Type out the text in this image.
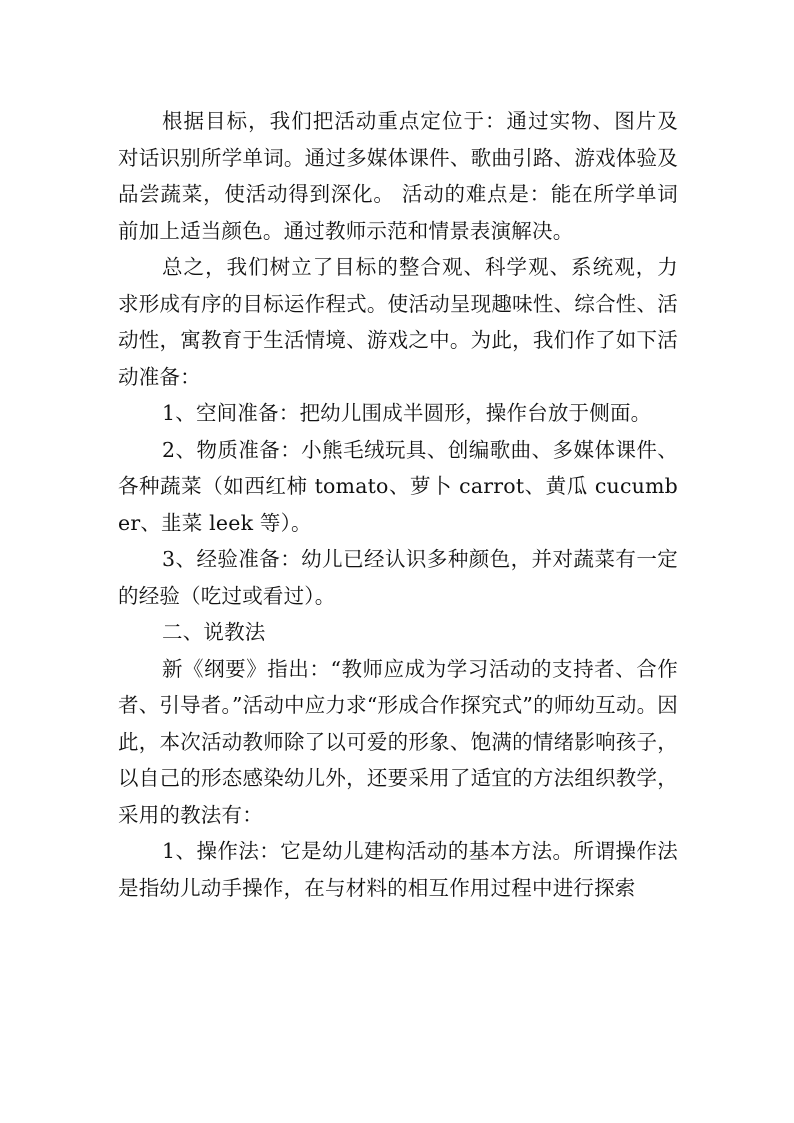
根据目标，我们把活动重点定位于：通过实物、图片及对话识别所学单词。通过多媒体课件、歌曲引路、游戏体验及品尝蔬菜，使活动得到深化。 活动的难点是：能在所学单词前加上适当颜色。通过教师示范和情景表演解决。

总之，我们树立了目标的整合观、科学观、系统观，力求形成有序的目标运作程式。使活动呈现趣味性、综合性、活动性，寓教育于生活情境、游戏之中。为此，我们作了如下活动准备：

1、空间准备：把幼儿围成半圆形，操作台放于侧面。

2、物质准备：小熊毛绒玩具、创编歌曲、多媒体课件、各种蔬菜（如西红柿 tomato、萝卜 carrot、黄瓜 cucumber、韭菜 leek 等）。

3、经验准备：幼儿已经认识多种颜色，并对蔬菜有一定的经验（吃过或看过）。

二、说教法

新《纲要》指出：“教师应成为学习活动的支持者、合作者、引导者。”活动中应力求“形成合作探究式”的师幼互动。因此，本次活动教师除了以可爱的形象、饱满的情绪影响孩子，以自己的形态感染幼儿外，还要采用了适宜的方法组织教学，采用的教法有：

1、操作法：它是幼儿建构活动的基本方法。所谓操作法是指幼儿动手操作，在与材料的相互作用过程中进行探索
